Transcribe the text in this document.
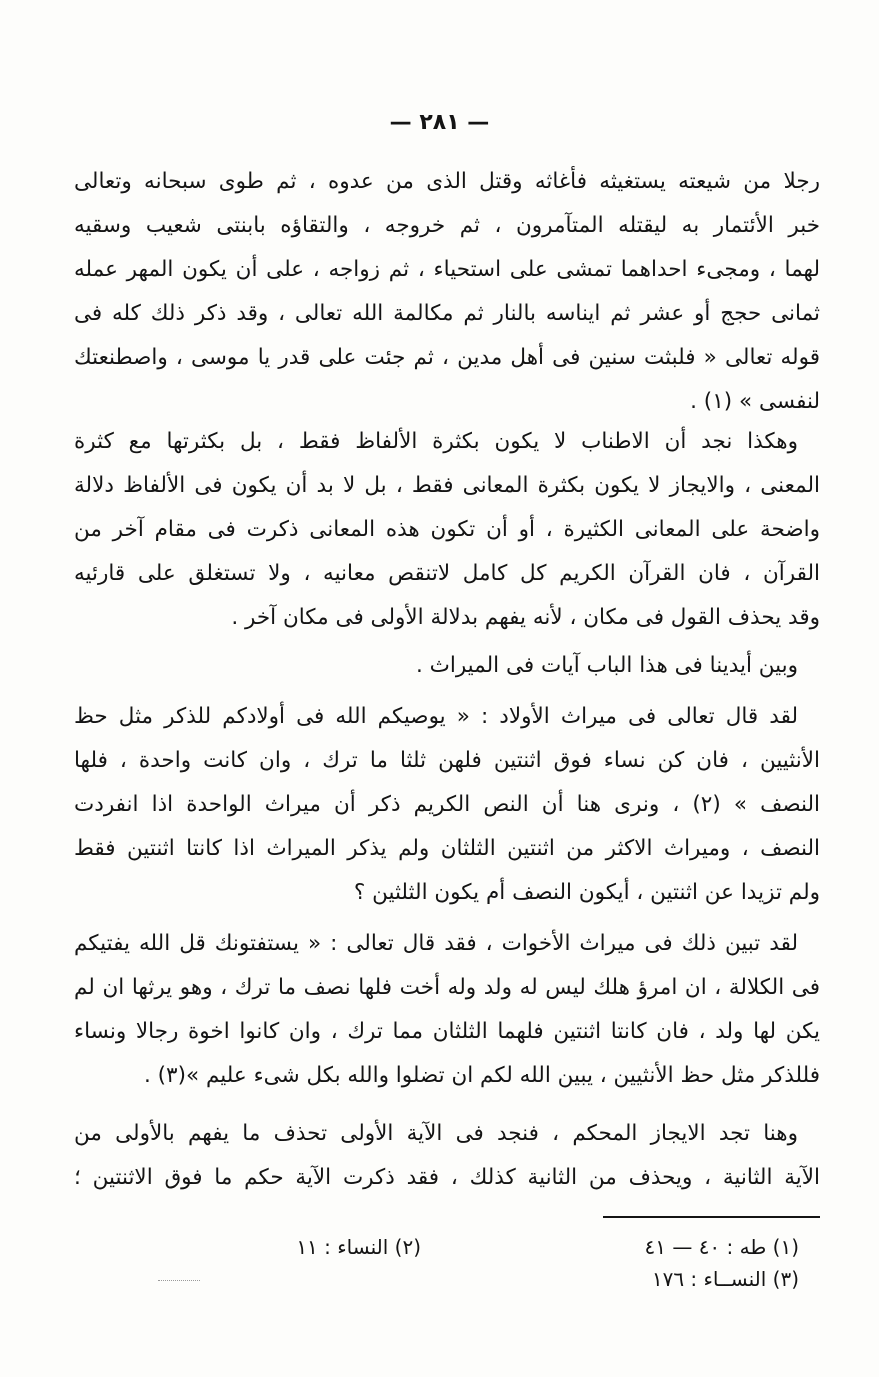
— ٢٨١ —
رجلا من شيعته يستغيثه فأغاثه وقتل الذى من عدوه ، ثم طوى سبحانه وتعالى
خبر الأئتمار به ليقتله المتآمرون ، ثم خروجه ، والتقاؤه بابنتى شعيب وسقيه
لهما ، ومجىء احداهما تمشى على استحياء ، ثم زواجه ، على أن يكون المهر عمله
ثمانى حجج أو عشر ثم ايناسه بالنار ثم مكالمة الله تعالى ، وقد ذكر ذلك كله فى
قوله تعالى « فلبثت سنين فى أهل مدين ، ثم جئت على قدر يا موسى ، واصطنعتك
لنفسى » (١) .
وهكذا نجد أن الاطناب لا يكون بكثرة الألفاظ فقط ، بل بكثرتها مع كثرة
المعنى ، والايجاز لا يكون بكثرة المعانى فقط ، بل لا بد أن يكون فى الألفاظ دلالة
واضحة على المعانى الكثيرة ، أو أن تكون هذه المعانى ذكرت فى مقام آخر من
القرآن ، فان القرآن الكريم كل كامل لاتنقص معانيه ، ولا تستغلق على قارئيه
وقد يحذف القول فى مكان ، لأنه يفهم بدلالة الأولى فى مكان آخر .
وبين أيدينا فى هذا الباب آيات فى الميراث .
لقد قال تعالى فى ميراث الأولاد : « يوصيكم الله فى أولادكم للذكر مثل حظ
الأنثيين ، فان كن نساء فوق اثنتين فلهن ثلثا ما ترك ، وان كانت واحدة ، فلها
النصف » (٢) ، ونرى هنا أن النص الكريم ذكر أن ميراث الواحدة اذا انفردت
النصف ، وميراث الاكثر من اثنتين الثلثان ولم يذكر الميراث اذا كانتا اثنتين فقط
ولم تزيدا عن اثنتين ، أيكون النصف أم يكون الثلثين ؟
لقد تبين ذلك فى ميراث الأخوات ، فقد قال تعالى : « يستفتونك قل الله يفتيكم
فى الكلالة ، ان امرؤ هلك ليس له ولد وله أخت فلها نصف ما ترك ، وهو يرثها ان لم
يكن لها ولد ، فان كانتا اثنتين فلهما الثلثان مما ترك ، وان كانوا اخوة رجالا ونساء
فللذكر مثل حظ الأنثيين ، يبين الله لكم ان تضلوا والله بكل شىء عليم »(٣) .
وهنا تجد الايجاز المحكم ، فنجد فى الآية الأولى تحذف ما يفهم بالأولى من
الآية الثانية ، ويحذف من الثانية كذلك ، فقد ذكرت الآية حكم ما فوق الاثنتين ؛
(١) طه : ٤٠ — ٤١
(٢) النساء : ١١
(٣) النســاء : ١٧٦
